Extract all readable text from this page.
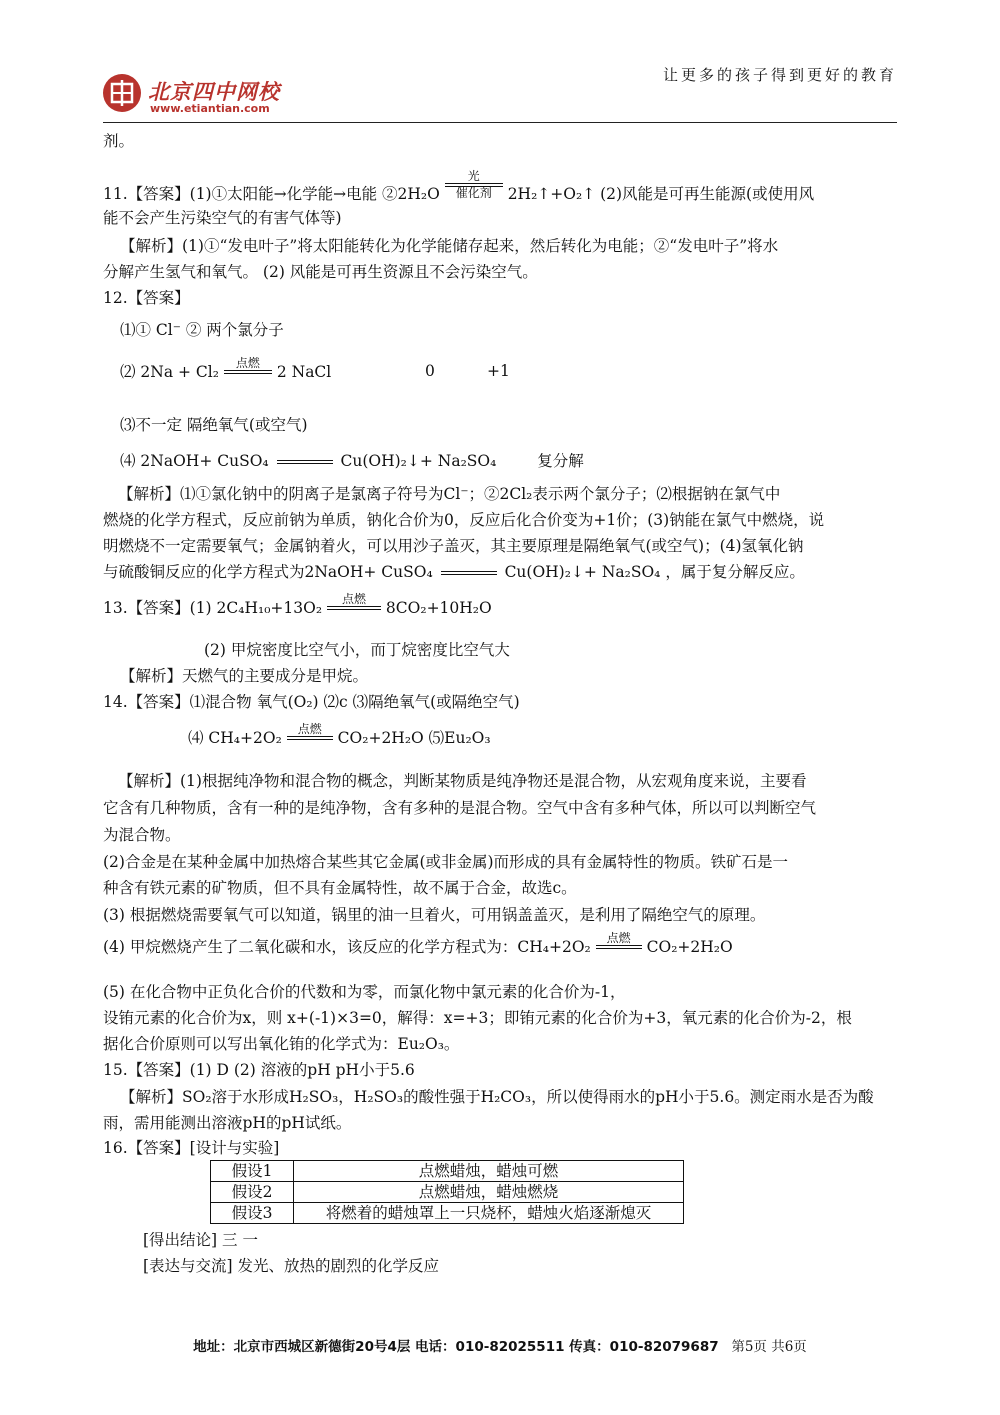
北京四中网校
www.etiantian.com
让更多的孩子得到更好的教育
剂。
11.【答案】(1)①太阳能→化学能→电能 ②2H₂O
光
催化剂	2H₂↑+O₂↑ (2)风能是可再生能源(或使用风
能不会产生污染空气的有害气体等)
【解析】(1)①“发电叶子”将太阳能转化为化学能储存起来，然后转化为电能；②“发电叶子”将水
分解产生氢气和氧气。 (2) 风能是可再生资源且不会污染空气。
12.【答案】
⑴① Cl⁻ ② 两个氯分子
⑵ 2Na + Cl₂
点燃
2 NaCl	0	+1
⑶不一定 隔绝氧气(或空气)
⑷ 2NaOH+ CuSO₄	Cu(OH)₂↓+ Na₂SO₄	复分解
【解析】⑴①氯化钠中的阴离子是氯离子符号为Cl⁻；②2Cl₂表示两个氯分子；⑵根据钠在氯气中
燃烧的化学方程式，反应前钠为单质，钠化合价为0，反应后化合价变为+1价；(3)钠能在氯气中燃烧，说
明燃烧不一定需要氧气；金属钠着火，可以用沙子盖灭，其主要原理是隔绝氧气(或空气)；(4)氢氧化钠
与硫酸铜反应的化学方程式为2NaOH+ CuSO₄	Cu(OH)₂↓+ Na₂SO₄ ，属于复分解反应。
13.【答案】(1) 2C₄H₁₀+13O₂
点燃
8CO₂+10H₂O
(2) 甲烷密度比空气小，而丁烷密度比空气大
【解析】天燃气的主要成分是甲烷。
14.【答案】⑴混合物 氧气(O₂) ⑵c ⑶隔绝氧气(或隔绝空气)
⑷ CH₄+2O₂
点燃
CO₂+2H₂O ⑸Eu₂O₃
【解析】(1)根据纯净物和混合物的概念，判断某物质是纯净物还是混合物，从宏观角度来说，主要看
它含有几种物质，含有一种的是纯净物，含有多种的是混合物。空气中含有多种气体，所以可以判断空气
为混合物。
(2)合金是在某种金属中加热熔合某些其它金属(或非金属)而形成的具有金属特性的物质。铁矿石是一
种含有铁元素的矿物质，但不具有金属特性，故不属于合金，故选c。
(3) 根据燃烧需要氧气可以知道，锅里的油一旦着火，可用锅盖盖灭，是利用了隔绝空气的原理。
(4) 甲烷燃烧产生了二氧化碳和水，该反应的化学方程式为：CH₄+2O₂
点燃
CO₂+2H₂O
(5) 在化合物中正负化合价的代数和为零，而氯化物中氯元素的化合价为-1，
设铕元素的化合价为x，则 x+(-1)×3=0，解得：x=+3；即铕元素的化合价为+3，氧元素的化合价为-2，根
据化合价原则可以写出氧化铕的化学式为：Eu₂O₃。
15.【答案】(1) D (2) 溶液的pH pH小于5.6
【解析】SO₂溶于水形成H₂SO₃，H₂SO₃的酸性强于H₂CO₃，所以使得雨水的pH小于5.6。测定雨水是否为酸
雨，需用能测出溶液pH的pH试纸。
16.【答案】[设计与实验]
假设1	点燃蜡烛，蜡烛可燃
假设2	点燃蜡烛，蜡烛燃烧
假设3	将燃着的蜡烛罩上一只烧杯，蜡烛火焰逐渐熄灭
[得出结论] 三 一
[表达与交流] 发光、放热的剧烈的化学反应
地址：北京市西城区新德街20号4层 电话：010-82025511 传真：010-82079687 第5页 共6页
